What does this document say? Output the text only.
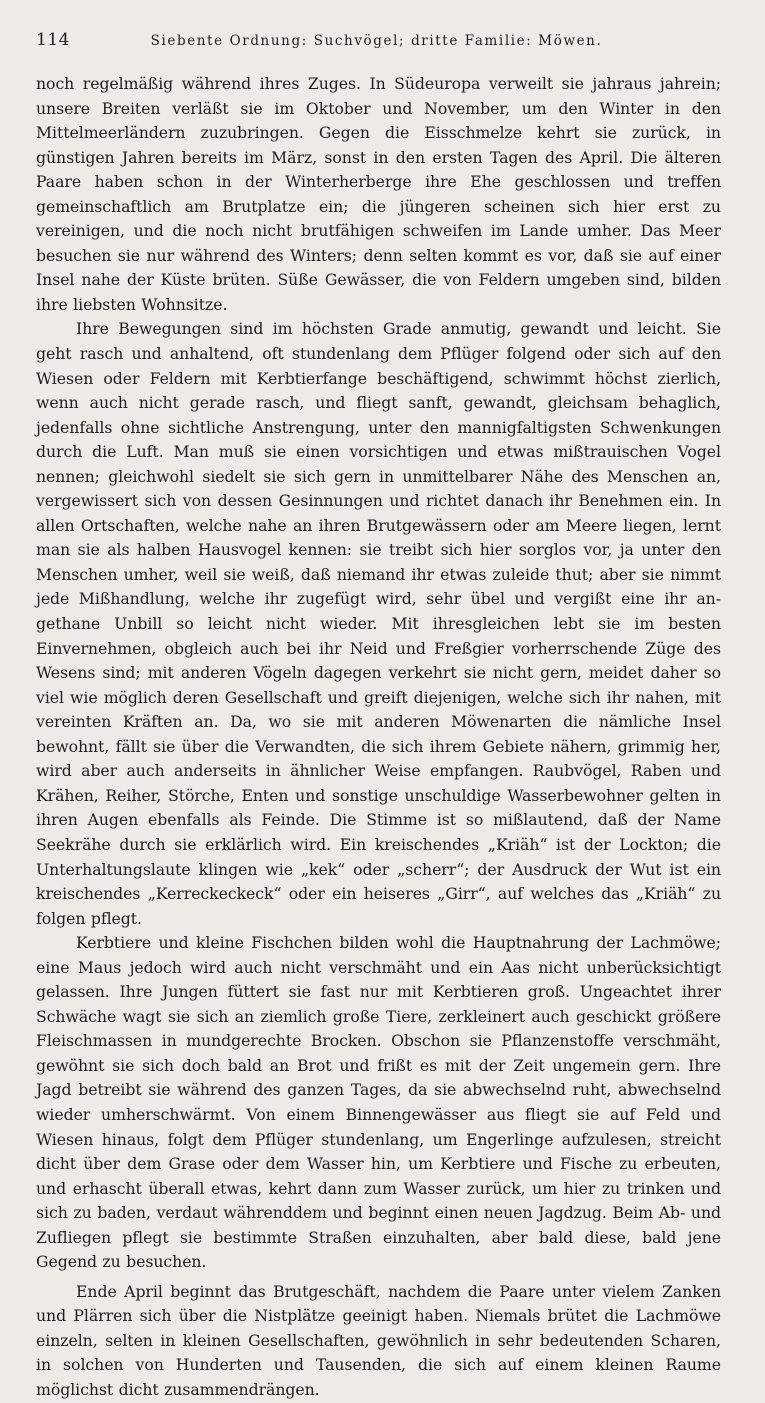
114	Siebente Ordnung: Suchvögel; dritte Familie: Möwen.

noch regelmäßig während ihres Zuges. In Südeuropa verweilt sie jahraus jahrein; unsere Breiten verläßt sie im Oktober und November, um den Winter in den Mittelmeerländern zuzubringen. Gegen die Eisschmelze kehrt sie zurück, in günstigen Jahren bereits im März, sonst in den ersten Tagen des April. Die älteren Paare haben schon in der Winterherberge ihre Ehe geschlossen und treffen gemeinschaftlich am Brutplatze ein; die jüngeren scheinen sich hier erst zu vereinigen, und die noch nicht brutfähigen schweifen im Lande umher. Das Meer besuchen sie nur während des Winters; denn selten kommt es vor, daß sie auf einer Insel nahe der Küste brüten. Süße Gewässer, die von Feldern umgeben sind, bilden ihre liebsten Wohnsitze.

Ihre Bewegungen sind im höchsten Grade anmutig, gewandt und leicht. Sie geht rasch und anhaltend, oft stundenlang dem Pflüger folgend oder sich auf den Wiesen oder Feldern mit Kerbtierfange beschäftigend, schwimmt höchst zierlich, wenn auch nicht gerade rasch, und fliegt sanft, gewandt, gleichsam behaglich, jedenfalls ohne sichtliche Anstrengung, unter den mannigfaltigsten Schwenkungen durch die Luft. Man muß sie einen vorsichtigen und etwas mißtrauischen Vogel nennen; gleichwohl siedelt sie sich gern in unmittelbarer Nähe des Menschen an, vergewissert sich von dessen Gesinnungen und richtet danach ihr Benehmen ein. In allen Ortschaften, welche nahe an ihren Brutgewässern oder am Meere liegen, lernt man sie als halben Hausvogel kennen: sie treibt sich hier sorglos vor, ja unter den Menschen umher, weil sie weiß, daß niemand ihr etwas zuleide thut; aber sie nimmt jede Mißhandlung, welche ihr zugefügt wird, sehr übel und vergißt eine ihr angethane Unbill so leicht nicht wieder. Mit ihresgleichen lebt sie im besten Einvernehmen, obgleich auch bei ihr Neid und Freßgier vorherrschende Züge des Wesens sind; mit anderen Vögeln dagegen verkehrt sie nicht gern, meidet daher so viel wie möglich deren Gesellschaft und greift diejenigen, welche sich ihr nahen, mit vereinten Kräften an. Da, wo sie mit anderen Möwenarten die nämliche Insel bewohnt, fällt sie über die Verwandten, die sich ihrem Gebiete nähern, grimmig her, wird aber auch anderseits in ähnlicher Weise empfangen. Raubvögel, Raben und Krähen, Reiher, Störche, Enten und sonstige unschuldige Wasserbewohner gelten in ihren Augen ebenfalls als Feinde. Die Stimme ist so mißlautend, daß der Name Seekrähe durch sie erklärlich wird. Ein kreischendes „Kriäh“ ist der Lockton; die Unterhaltungslaute klingen wie „kek“ oder „scherr“; der Ausdruck der Wut ist ein kreischendes „Kerreckeckeck“ oder ein heiseres „Girr“, auf welches das „Kriäh“ zu folgen pflegt.

Kerbtiere und kleine Fischchen bilden wohl die Hauptnahrung der Lachmöwe; eine Maus jedoch wird auch nicht verschmäht und ein Aas nicht unberücksichtigt gelassen. Ihre Jungen füttert sie fast nur mit Kerbtieren groß. Ungeachtet ihrer Schwäche wagt sie sich an ziemlich große Tiere, zerkleinert auch geschickt größere Fleischmassen in mundgerechte Brocken. Obschon sie Pflanzenstoffe verschmäht, gewöhnt sie sich doch bald an Brot und frißt es mit der Zeit ungemein gern. Ihre Jagd betreibt sie während des ganzen Tages, da sie abwechselnd ruht, abwechselnd wieder umherschwärmt. Von einem Binnengewässer aus fliegt sie auf Feld und Wiesen hinaus, folgt dem Pflüger stundenlang, um Engerlinge aufzulesen, streicht dicht über dem Grase oder dem Wasser hin, um Kerbtiere und Fische zu erbeuten, und erhascht überall etwas, kehrt dann zum Wasser zurück, um hier zu trinken und sich zu baden, verdaut währenddem und beginnt einen neuen Jagdzug. Beim Ab- und Zufliegen pflegt sie bestimmte Straßen einzuhalten, aber bald diese, bald jene Gegend zu besuchen.

Ende April beginnt das Brutgeschäft, nachdem die Paare unter vielem Zanken und Plärren sich über die Nistplätze geeinigt haben. Niemals brütet die Lachmöwe einzeln, selten in kleinen Gesellschaften, gewöhnlich in sehr bedeutenden Scharen, in solchen von Hunderten und Tausenden, die sich auf einem kleinen Raume möglichst dicht zusammendrängen.
